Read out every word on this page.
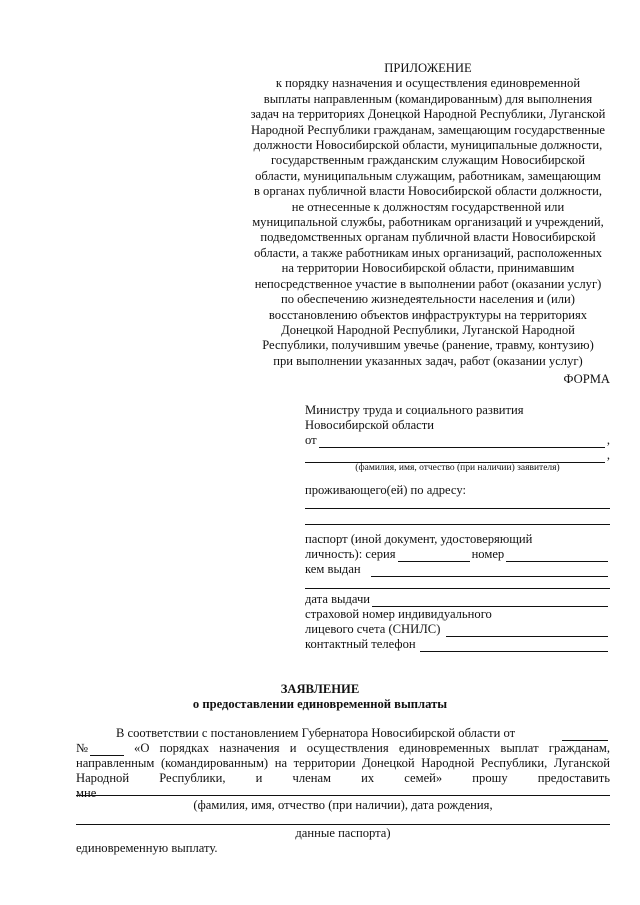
ПРИЛОЖЕНИЕ
к порядку назначения и осуществления единовременной
выплаты направленным (командированным) для выполнения
задач на территориях Донецкой Народной Республики, Луганской
Народной Республики гражданам, замещающим государственные
должности Новосибирской области, муниципальные должности,
государственным гражданским служащим Новосибирской
области, муниципальным служащим, работникам, замещающим
в органах публичной власти Новосибирской области должности,
не отнесенные к должностям государственной или
муниципальной службы, работникам организаций и учреждений,
подведомственных органам публичной власти Новосибирской
области, а также работникам иных организаций, расположенных
на территории Новосибирской области, принимавшим
непосредственное участие в выполнении работ (оказании услуг)
по обеспечению жизнедеятельности населения и (или)
восстановлению объектов инфраструктуры на территориях
Донецкой Народной Республики, Луганской Народной
Республики, получившим увечье (ранение, травму, контузию)
при выполнении указанных задач, работ (оказании услуг)
ФОРМА
Министру труда и социального развития
Новосибирской области
от	,
,
(фамилия, имя, отчество (при наличии) заявителя)
проживающего(ей) по адресу:
паспорт (иной документ, удостоверяющий
личность): серия	номер
кем выдан
дата выдачи
страховой номер индивидуального
лицевого счета (СНИЛС)
контактный телефон
ЗАЯВЛЕНИЕ
о предоставлении единовременной выплаты
В соответствии с постановлением Губернатора Новосибирской области от
№	«О порядках назначения и осуществления единовременных выплат гражданам,
направленным (командированным) на территории Донецкой Народной Республики, Луганской
Народной Республики, и членам их семей» прошу предоставить мне
(фамилия, имя, отчество (при наличии), дата рождения,
данные паспорта)
единовременную выплату.
